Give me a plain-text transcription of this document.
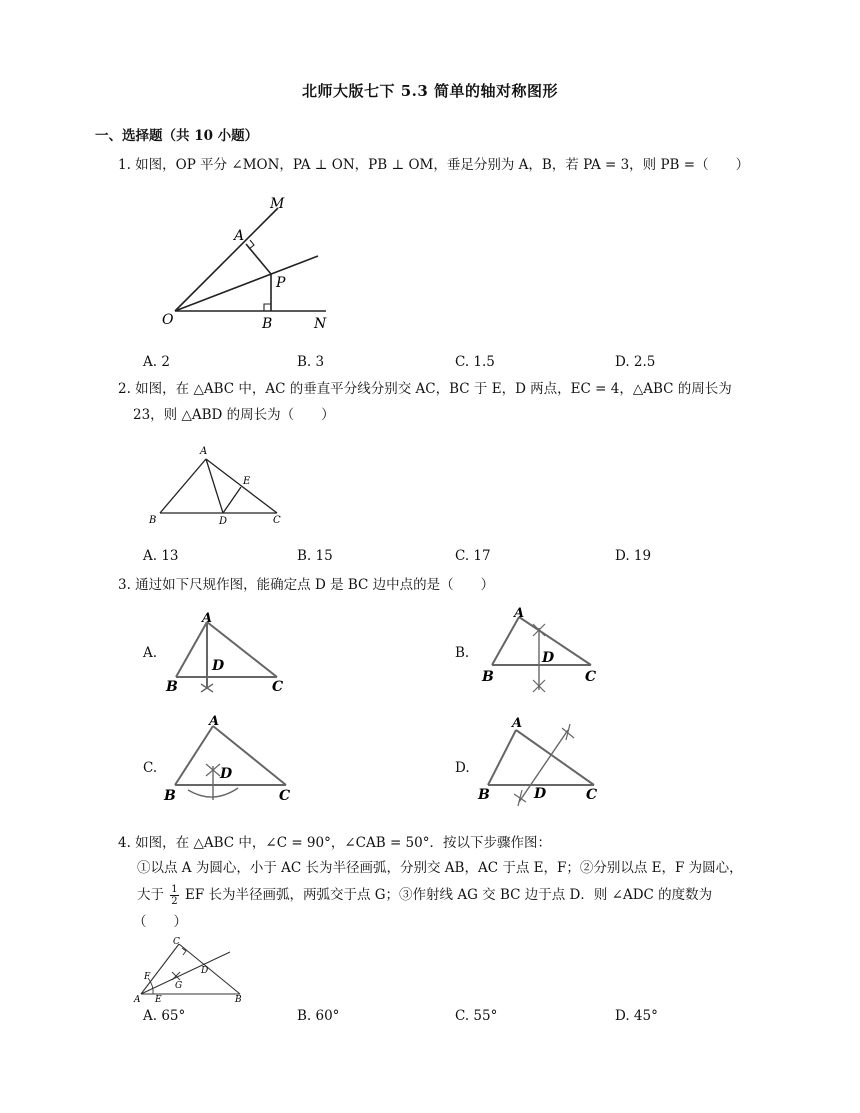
北师大版七下 5.3 简单的轴对称图形
一、选择题（共 10 小题）
1. 如图，OP 平分 ∠MON，PA ⊥ ON，PB ⊥ OM，垂足分别为 A，B，若 PA = 3，则 PB =（　　）
M
A
P
O	B	N
A. 2	B. 3	C. 1.5	D. 2.5
2. 如图，在 △ABC 中，AC 的垂直平分线分别交 AC，BC 于 E，D 两点，EC = 4，△ABC 的周长为
23，则 △ABD 的周长为（　　）
A
E
B	D	C
A. 13	B. 15	C. 17	D. 19
3. 通过如下尺规作图，能确定点 D 是 BC 边中点的是（　　）
A.
A
D
B	C
B.
A
D
B	C
C.
A
D
B	C
D.
A
D
B	C
4. 如图，在 △ABC 中，∠C = 90°，∠CAB = 50°．按以下步骤作图：
①以点 A 为圆心，小于 AC 长为半径画弧，分别交 AB，AC 于点 E，F；②分别以点 E，F 为圆心，
大于 $\frac{1}{2}$ EF 长为半径画弧，两弧交于点 G；③作射线 AG 交 BC 边于点 D．则 ∠ADC 的度数为
（　　）
C
F
G
D
A E	B
A. 65°	B. 60°	C. 55°	D. 45°
